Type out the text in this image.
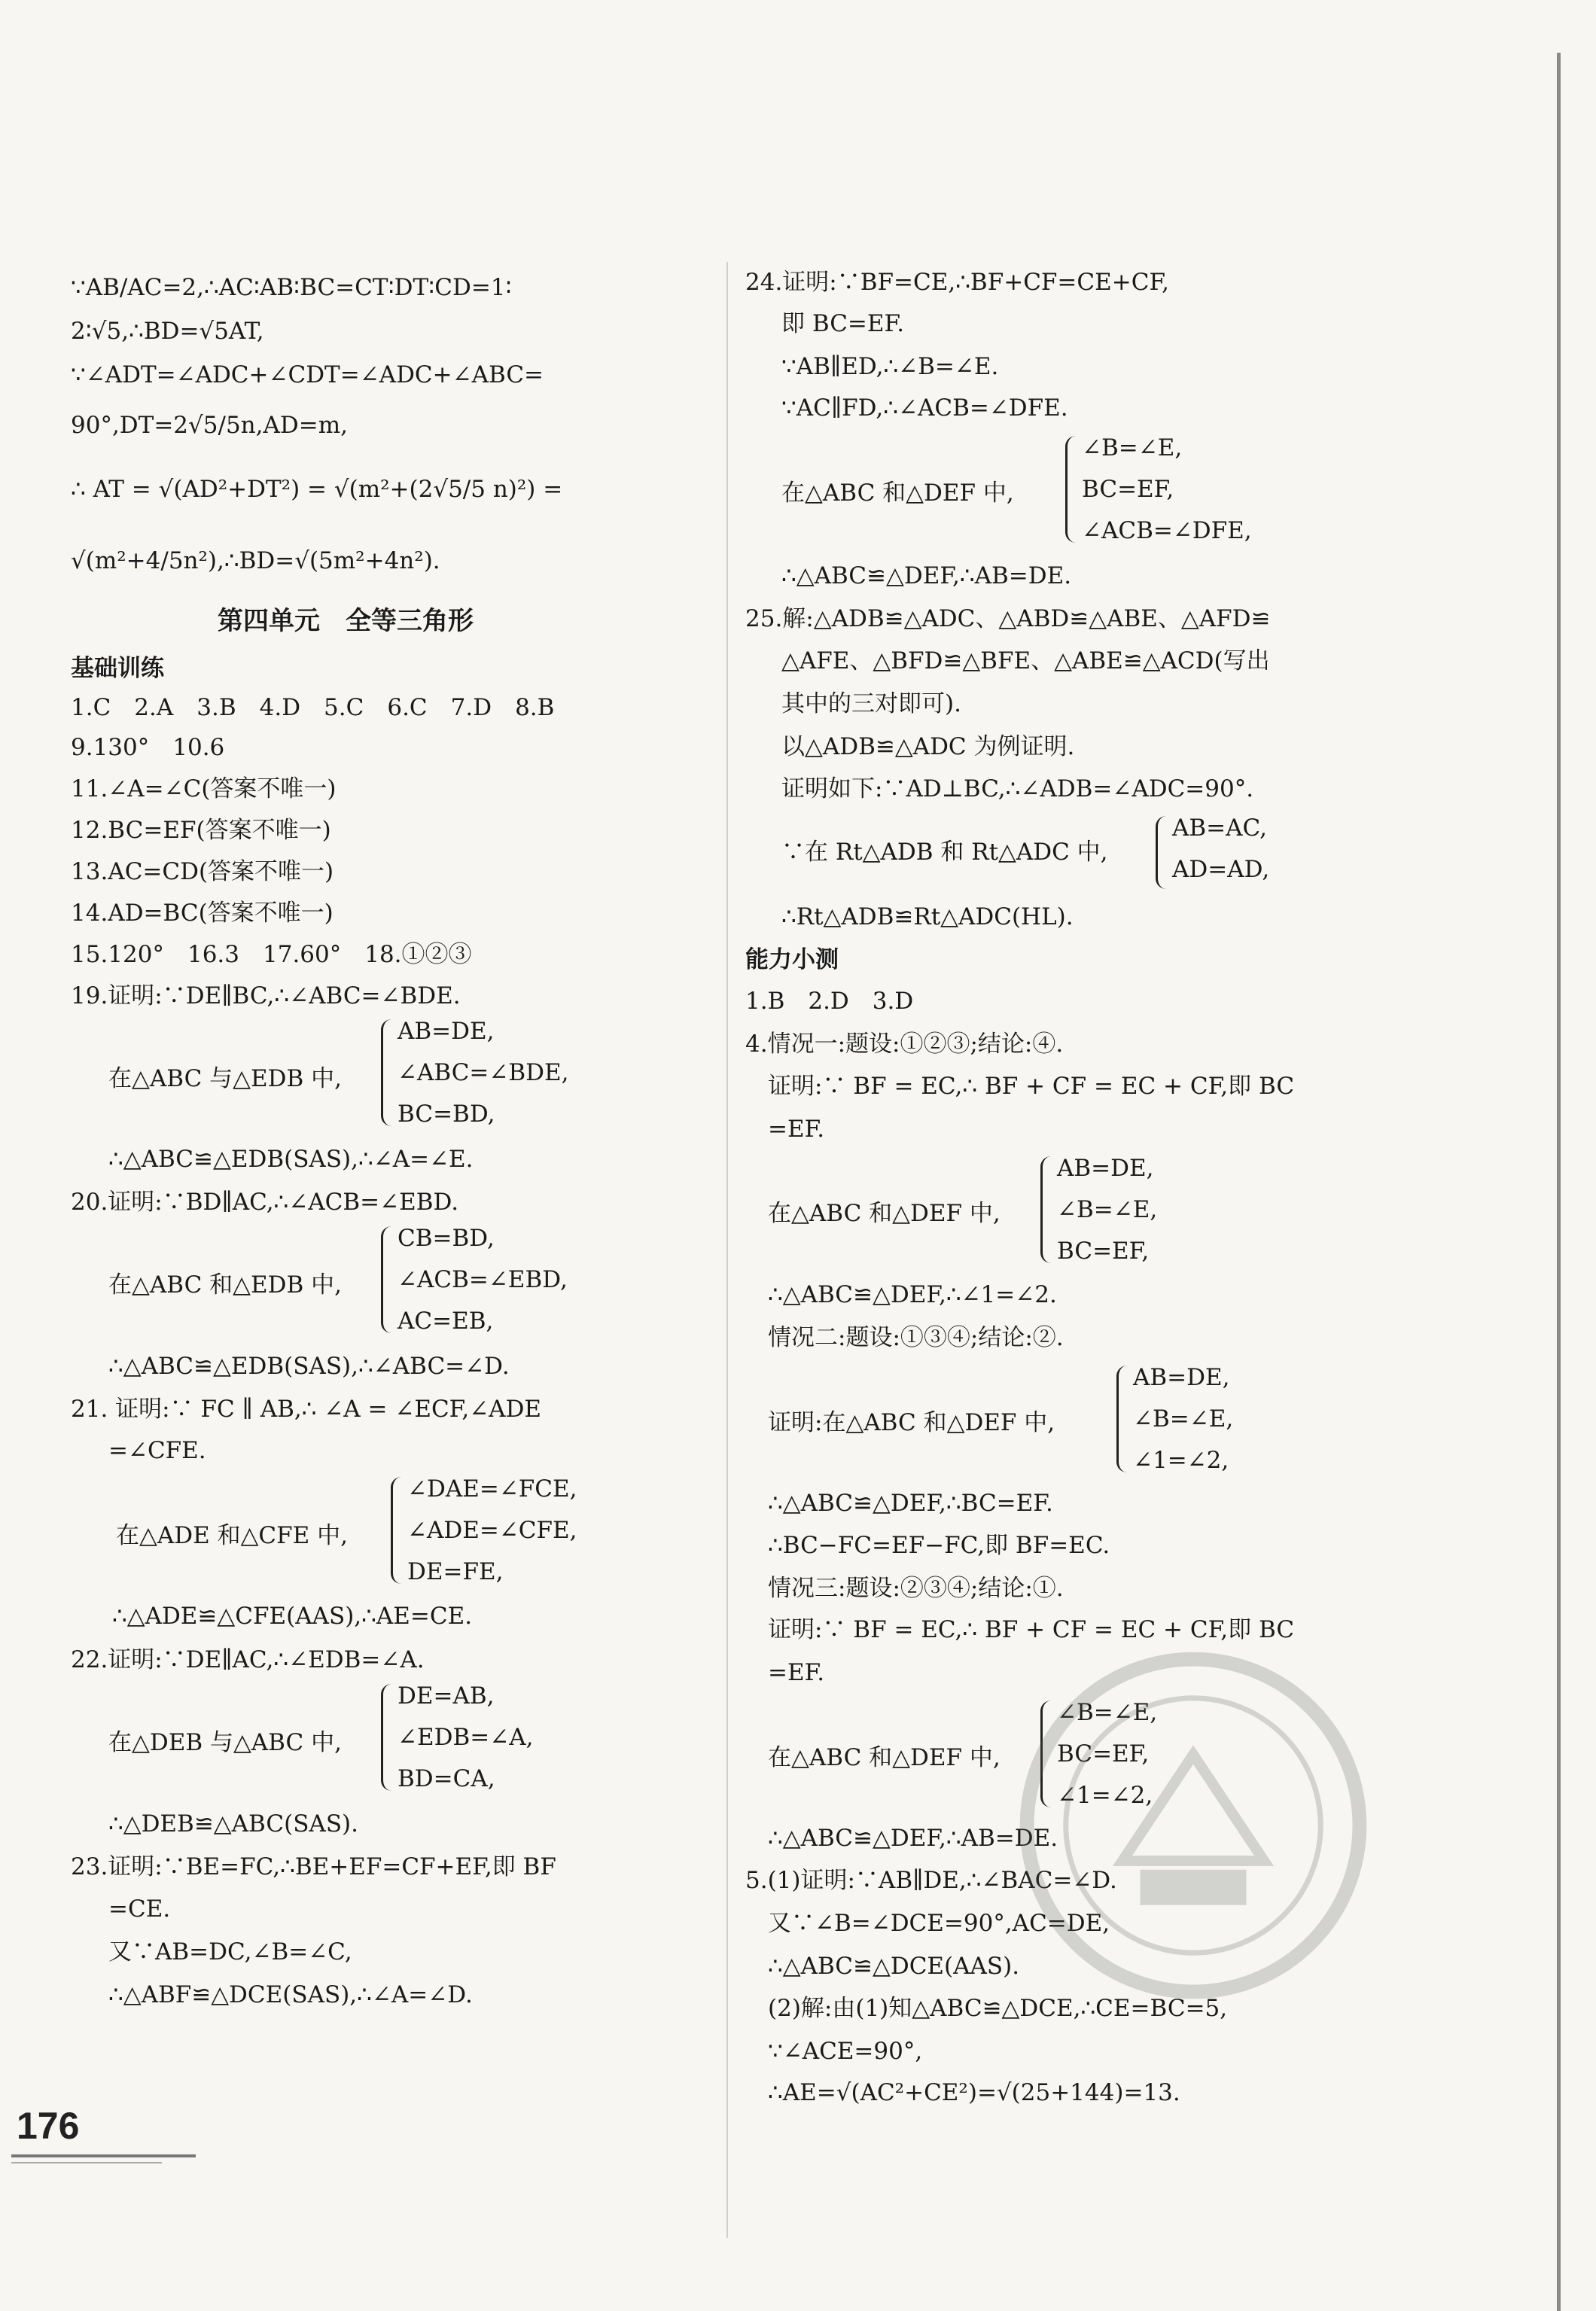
∵AB/AC=2,∴AC∶AB∶BC=CT∶DT∶CD=1∶
2∶√5,∴BD=√5AT,
∵∠ADT=∠ADC+∠CDT=∠ADC+∠ABC=
90°,DT=2√5/5n,AD=m,
∴ AT = √(AD²+DT²) = √(m²+(2√5/5 n)²) =
√(m²+4/5n²),∴BD=√(5m²+4n²).
第四单元　全等三角形
基础训练
1.C　2.A　3.B　4.D　5.C　6.C　7.D　8.B
9.130°　10.6
11.∠A=∠C(答案不唯一)
12.BC=EF(答案不唯一)
13.AC=CD(答案不唯一)
14.AD=BC(答案不唯一)
15.120°　16.3　17.60°　18.①②③
19.证明:∵DE∥BC,∴∠ABC=∠BDE.
在△ABC 与△EDB 中,
AB=DE,
∠ABC=∠BDE,
BC=BD,
∴△ABC≌△EDB(SAS),∴∠A=∠E.
20.证明:∵BD∥AC,∴∠ACB=∠EBD.
在△ABC 和△EDB 中,
CB=BD,
∠ACB=∠EBD,
AC=EB,
∴△ABC≌△EDB(SAS),∴∠ABC=∠D.
21. 证明:∵ FC ∥ AB,∴ ∠A = ∠ECF,∠ADE
=∠CFE.
在△ADE 和△CFE 中,
∠DAE=∠FCE,
∠ADE=∠CFE,
DE=FE,
∴△ADE≌△CFE(AAS),∴AE=CE.
22.证明:∵DE∥AC,∴∠EDB=∠A.
在△DEB 与△ABC 中,
DE=AB,
∠EDB=∠A,
BD=CA,
∴△DEB≌△ABC(SAS).
23.证明:∵BE=FC,∴BE+EF=CF+EF,即 BF
=CE.
又∵AB=DC,∠B=∠C,
∴△ABF≌△DCE(SAS),∴∠A=∠D.
24.证明:∵BF=CE,∴BF+CF=CE+CF,
即 BC=EF.
∵AB∥ED,∴∠B=∠E.
∵AC∥FD,∴∠ACB=∠DFE.
在△ABC 和△DEF 中,
∠B=∠E,
BC=EF,
∠ACB=∠DFE,
∴△ABC≌△DEF,∴AB=DE.
25.解:△ADB≌△ADC、△ABD≌△ABE、△AFD≌
△AFE、△BFD≌△BFE、△ABE≌△ACD(写出
其中的三对即可).
以△ADB≌△ADC 为例证明.
证明如下:∵AD⊥BC,∴∠ADB=∠ADC=90°.
∵在 Rt△ADB 和 Rt△ADC 中,
AB=AC,
AD=AD,
∴Rt△ADB≌Rt△ADC(HL).
能力小测
1.B　2.D　3.D
4.情况一:题设:①②③;结论:④.
证明:∵ BF = EC,∴ BF + CF = EC + CF,即 BC
=EF.
在△ABC 和△DEF 中,
AB=DE,
∠B=∠E,
BC=EF,
∴△ABC≌△DEF,∴∠1=∠2.
情况二:题设:①③④;结论:②.
证明:在△ABC 和△DEF 中,
AB=DE,
∠B=∠E,
∠1=∠2,
∴△ABC≌△DEF,∴BC=EF.
∴BC−FC=EF−FC,即 BF=EC.
情况三:题设:②③④;结论:①.
证明:∵ BF = EC,∴ BF + CF = EC + CF,即 BC
=EF.
在△ABC 和△DEF 中,
∠B=∠E,
BC=EF,
∠1=∠2,
∴△ABC≌△DEF,∴AB=DE.
5.(1)证明:∵AB∥DE,∴∠BAC=∠D.
又∵∠B=∠DCE=90°,AC=DE,
∴△ABC≌△DCE(AAS).
(2)解:由(1)知△ABC≌△DCE,∴CE=BC=5,
∵∠ACE=90°,
∴AE=√(AC²+CE²)=√(25+144)=13.
176
